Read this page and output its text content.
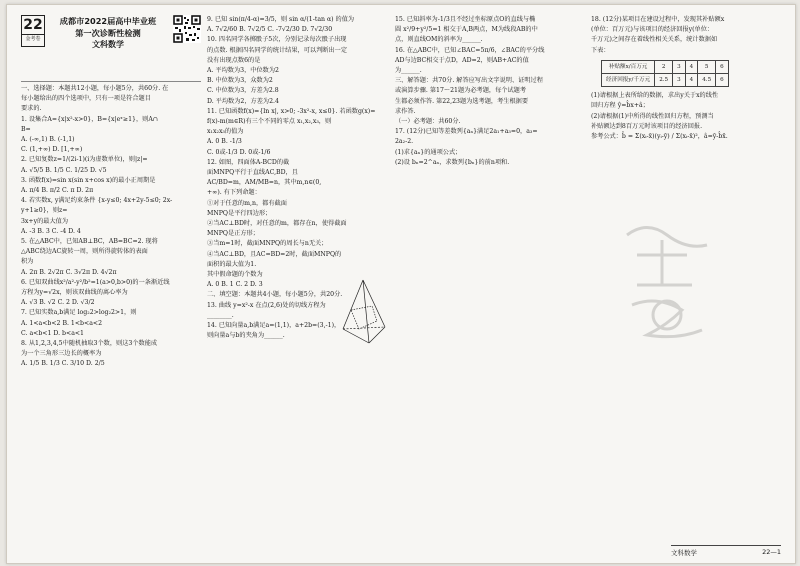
22
金考卷
成都市2022届高中毕业班
第一次诊断性检测
文科数学
一、选择题：本题共12小题，每小题5分，共60分. 在
每小题给出的四个选项中，只有一项是符合题目
要求的.
1. 设集合A={x|x²-x>0}，B={x|eˣ≥1}，则A∩
B=
A. (-∞,1) B. (-1,1)
C. (1,+∞) D. [1,+∞)
2. 已知复数z=1/(2i-1)(i为虚数单位)，则|z|=
A. √5/5 B. 1/5 C. 1/25 D. √5
3. 函数f(x)=sin x(sin x+cos x)的最小正周期是
A. π/4 B. π/2 C. π D. 2π
4. 若实数x, y满足约束条件 {x-y≤0; 4x+2y-5≤0; 2x-y+1≥0}，则z=
3x+y的最大值为
A. -3 B. 3 C. -4 D. 4
5. 在△ABC中，已知AB⊥BC，AB=BC=2. 现将
△ABC绕边AC旋转一周，则所得旋转体的表面
积为
A. 2π B. 2√2π C. 3√2π D. 4√2π
6. 已知双曲线x²/a²-y²/b²=1(a>0,b>0)的一条渐近线
方程为y=√2x，则该双曲线的离心率为
A. √3 B. √2 C. 2 D. √3/2
7. 已知实数a,b满足 log₂2>log₂2>1，则
A. 1<a<b<2 B. 1<b<a<2
C. a<b<1 D. b<a<1
8. 从1,2,3,4,5中随机抽取3个数，则这3个数能成
为一个三角形三边长的概率为
A. 1/5 B. 1/3 C. 3/10 D. 2/5
9. 已知 sin(π/4-α)=3/5，则 sin α/(1-tan α) 的值为
A. 7√2/60 B. 7√2/5 C. -7√2/30 D. 7√2/30
10. 四名同学各掷骰子5次，分别记录每次骰子出现
的点数. 根据四名同学的统计结果，可以判断出一定
没有出现点数6的是
A. 平均数为3，中位数为2
B. 中位数为3，众数为2
C. 中位数为3，方差为2.8
D. 平均数为2，方差为2.4
11. 已知函数f(x)={ln x|, x>0; -3x²-x, x≤0}. 若函数g(x)=
f(x)-m(m∈R)有三个不同的零点 x₁,x₂,x₃，则
x₁x₂x₃的值为
A. 0 B. -1/3
C. 0或-1/3 D. 0或-1/6
12. 如图，四面体A-BCD的截
面MNPQ平行于直线AC,BD，且
AC/BD=m，AM/MB=n，其中m,n∈(0,
+∞). 有下列命题：
①对于任意的m,n，都有截面
MNPQ是平行四边形；
②当AC⊥BD时，对任意的m，都存在n，使得截面
MNPQ是正方形；
③当m=1时，截面MNPQ的周长与n无关；
④当AC⊥BD，且AC=BD=2时，截面MNPQ的
面积的最大值为1.
其中假命题的个数为
A. 0 B. 1 C. 2 D. 3
二、填空题：本题共4小题，每小题5分，共20分.
13. 曲线 y=x²-x 在点(2,6)处的切线方程为
________.
14. 已知向量a,b满足a=(1,1)，a+2b=(3,-1)，
则向量a与b的夹角为______.
15. 已知斜率为-1/3且不经过坐标原点O的直线与椭
圆 x²/9+y²/5=1 相交于A,B两点，M为线段AB的中
点，则直线OM的斜率为______.
16. 在△ABC中，已知∠BAC=5π/6，∠BAC的平分线
AD与边BC相交于点D，AD=2，则AB+AC的值
为______.
三、解答题：共70分. 解答应写出文字说明、证明过程
或演算步骤. 第17～21题为必考题，每个试题考
生都必须作答. 第22,23题为选考题，考生根据要
求作答.
（一）必考题：共60分.
17. (12分)已知等差数列{aₙ}满足2a₁+a₃=0，a₃=
2a₂-2.
(1)求{aₙ}的通项公式；
(2)设 bₙ=2^aₙ，求数列{bₙ}的前n项和.
18. (12分)某项目在建设过程中，发现其补贴额x
(单位：百万元)与该项目的经济回报y(单位：
千万元)之间存在着线性相关关系，统计数据如
下表：
补贴额x/百万元	2	3	4	5	6
经济回报y/千万元	2.5	3	4	4.5	6
(1)请根据上表所给的数据，求出y关于x的线性
回归方程 ŷ=b̂x+â；
(2)请根据(1)中所得的线性回归方程，预测当
补贴额达到8百万元时该项目的经济回报.
参考公式：b̂ = Σ(xᵢ-x̄)(yᵢ-ȳ) / Σ(xᵢ-x̄)²，â=ȳ-b̂x̄.
文科数学	22—1
